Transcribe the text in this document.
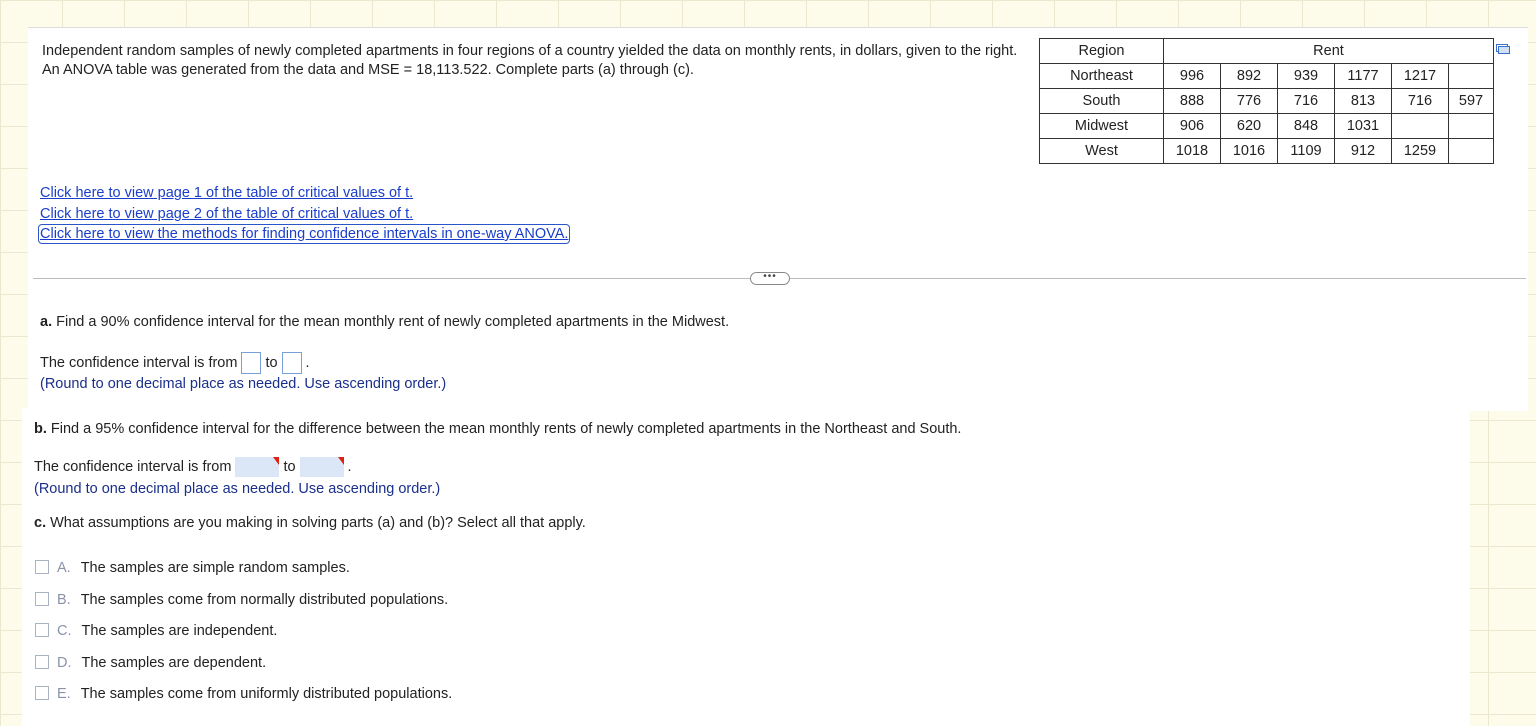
Independent random samples of newly completed apartments in four regions of a country yielded the data on monthly rents, in dollars, given to the right. An ANOVA table was generated from the data and MSE = 18,113.522. Complete parts (a) through (c).
Region	Rent					
Northeast	996	892	939	1177	1217	
South	888	776	716	813	716	597
Midwest	906	620	848	1031		
West	1018	1016	1109	912	1259	
Click here to view page 1 of the table of critical values of t.
Click here to view page 2 of the table of critical values of t.
Click here to view the methods for finding confidence intervals in one-way ANOVA.
•••
a. Find a 90% confidence interval for the mean monthly rent of newly completed apartments in the Midwest.
The confidence interval is from to .
(Round to one decimal place as needed. Use ascending order.)
b. Find a 95% confidence interval for the difference between the mean monthly rents of newly completed apartments in the Northeast and South.
The confidence interval is from	to	.
(Round to one decimal place as needed. Use ascending order.)
c. What assumptions are you making in solving parts (a) and (b)? Select all that apply.
A. The samples are simple random samples.
B. The samples come from normally distributed populations.
C. The samples are independent.
D. The samples are dependent.
E. The samples come from uniformly distributed populations.
